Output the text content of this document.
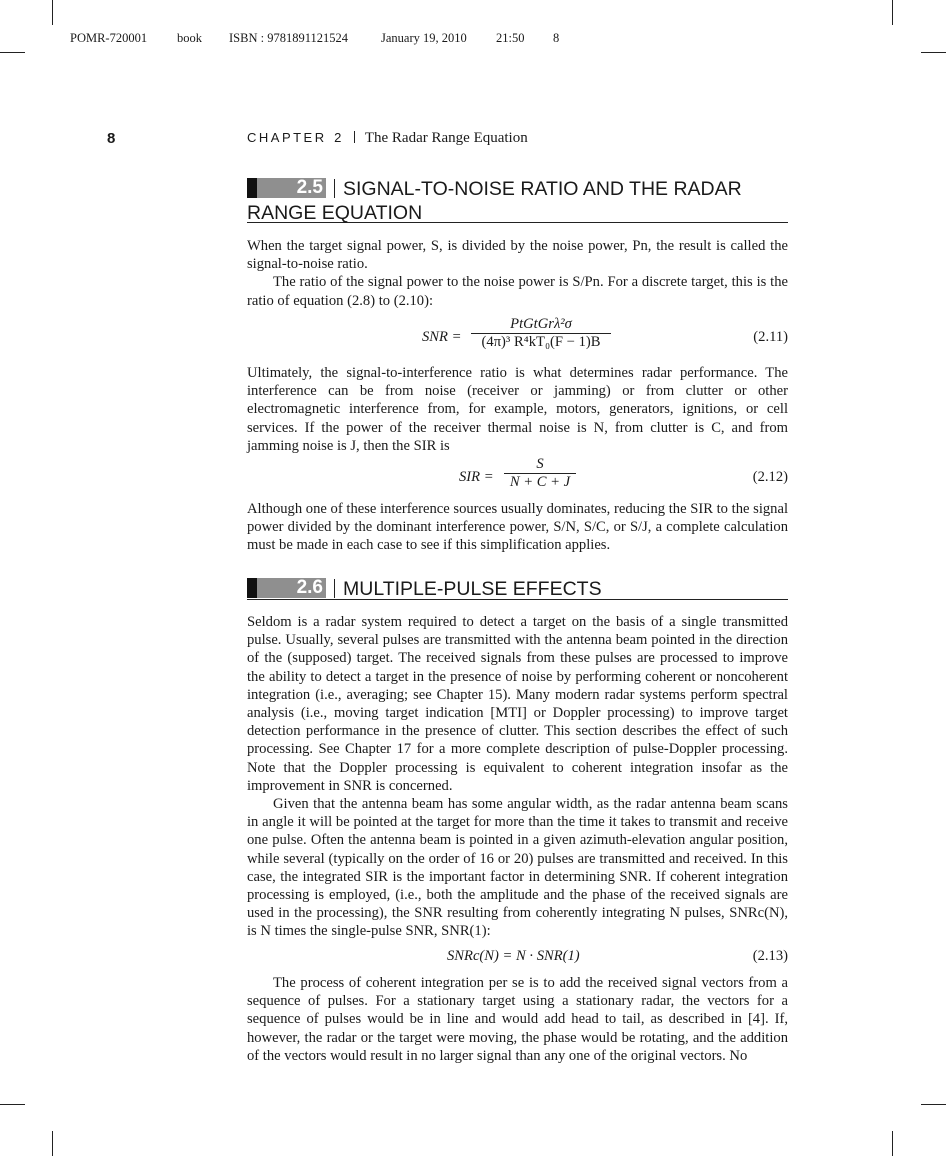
POMR-720001 book ISBN : 9781891121524	January 19, 2010 21:50 8
8	CHAPTER 2 The Radar Range Equation
2.5 SIGNAL-TO-NOISE RATIO AND THE RADAR
RANGE EQUATION

When the target signal power, S, is divided by the noise power, Pn, the result is called the signal-to-noise ratio.

The ratio of the signal power to the noise power is S/Pn. For a discrete target, this is the ratio of equation (2.8) to (2.10):

SNR =
PtGtGrλ²σ
(4π)³ R⁴kT₀(F − 1)B	(2.11)

Ultimately, the signal-to-interference ratio is what determines radar performance. The interference can be from noise (receiver or jamming) or from clutter or other electromagnetic interference from, for example, motors, generators, ignitions, or cell services. If the power of the receiver thermal noise is N, from clutter is C, and from jamming noise is J, then the SIR is

SIR =
S
N + C + J	(2.12)

Although one of these interference sources usually dominates, reducing the SIR to the signal power divided by the dominant interference power, S/N, S/C, or S/J, a complete calculation must be made in each case to see if this simplification applies.

2.6 MULTIPLE-PULSE EFFECTS

Seldom is a radar system required to detect a target on the basis of a single transmitted pulse. Usually, several pulses are transmitted with the antenna beam pointed in the direction of the (supposed) target. The received signals from these pulses are processed to improve the ability to detect a target in the presence of noise by performing coherent or noncoherent integration (i.e., averaging; see Chapter 15). Many modern radar systems perform spectral analysis (i.e., moving target indication [MTI] or Doppler processing) to improve target detection performance in the presence of clutter. This section describes the effect of such processing. See Chapter 17 for a more complete description of pulse-Doppler processing. Note that the Doppler processing is equivalent to coherent integration insofar as the improvement in SNR is concerned.

Given that the antenna beam has some angular width, as the radar antenna beam scans in angle it will be pointed at the target for more than the time it takes to transmit and receive one pulse. Often the antenna beam is pointed in a given azimuth-elevation angular position, while several (typically on the order of 16 or 20) pulses are transmitted and received. In this case, the integrated SIR is the important factor in determining SNR. If coherent integration processing is employed, (i.e., both the amplitude and the phase of the received signals are used in the processing), the SNR resulting from coherently integrating N pulses, SNRc(N), is N times the single-pulse SNR, SNR(1):

SNRc(N) = N · SNR(1)	(2.13)

The process of coherent integration per se is to add the received signal vectors from a sequence of pulses. For a stationary target using a stationary radar, the vectors for a sequence of pulses would be in line and would add head to tail, as described in [4]. If, however, the radar or the target were moving, the phase would be rotating, and the addition of the vectors would result in no larger signal than any one of the original vectors. No
